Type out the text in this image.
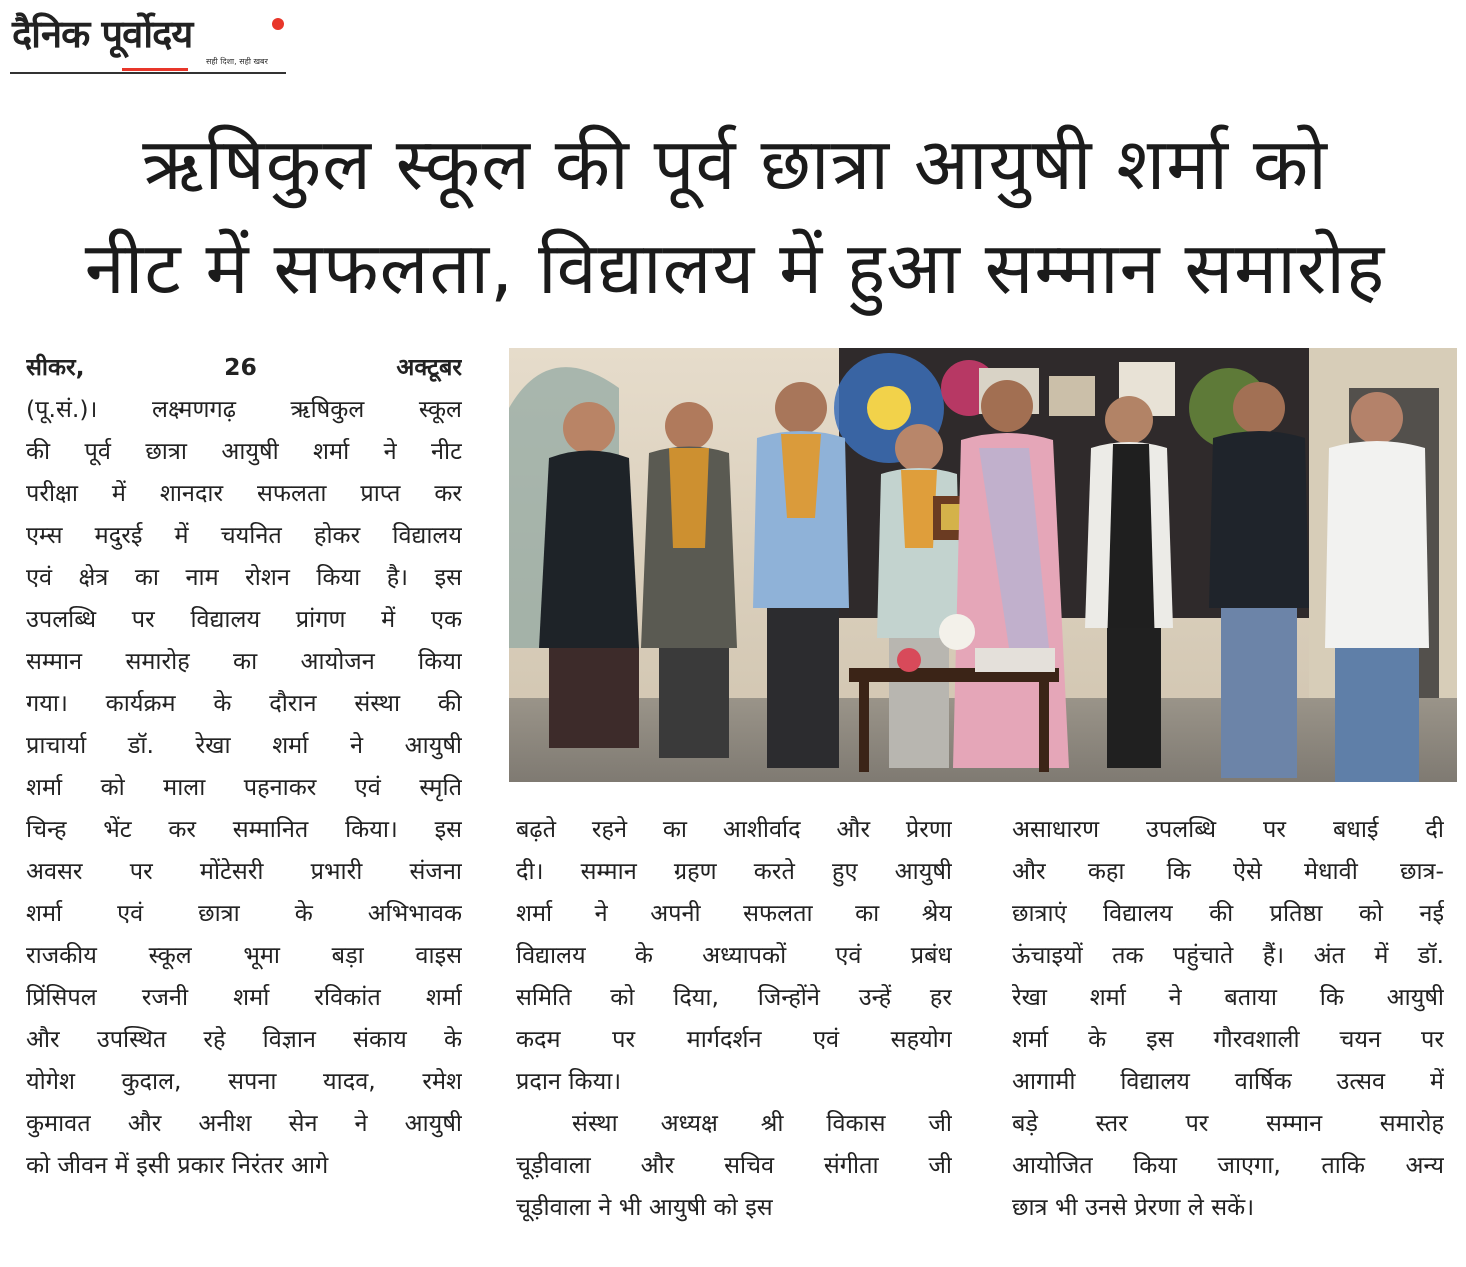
दैनिक पूर्वोदय
सही दिशा, सही खबर
ऋषिकुल स्कूल की पूर्व छात्रा आयुषी शर्मा को
नीट में सफलता, विद्यालय में हुआ सम्मान समारोह

सीकर, 26 अक्टूबर

(पू.सं.)। लक्ष्मणगढ़ ऋषिकुल स्कूल

की पूर्व छात्रा आयुषी शर्मा ने नीट

परीक्षा में शानदार सफलता प्राप्त कर

एम्स मदुरई में चयनित होकर विद्यालय

एवं क्षेत्र का नाम रोशन किया है। इस

उपलब्धि पर विद्यालय प्रांगण में एक

सम्मान समारोह का आयोजन किया

गया। कार्यक्रम के दौरान संस्था की

प्राचार्या डॉ. रेखा शर्मा ने आयुषी

शर्मा को माला पहनाकर एवं स्मृति

चिन्ह भेंट कर सम्मानित किया। इस

अवसर पर मोंटेसरी प्रभारी संजना

शर्मा एवं छात्रा के अभिभावक

राजकीय स्कूल भूमा बड़ा वाइस

प्रिंसिपल रजनी शर्मा रविकांत शर्मा

और उपस्थित रहे विज्ञान संकाय के

योगेश कुदाल, सपना यादव, रमेश

कुमावत और अनीश सेन ने आयुषी

को जीवन में इसी प्रकार निरंतर आगे

बढ़ते रहने का आशीर्वाद और प्रेरणा

दी। सम्मान ग्रहण करते हुए आयुषी

शर्मा ने अपनी सफलता का श्रेय

विद्यालय के अध्यापकों एवं प्रबंध

समिति को दिया, जिन्होंने उन्हें हर

कदम पर मार्गदर्शन एवं सहयोग

प्रदान किया।

संस्था अध्यक्ष श्री विकास जी

चूड़ीवाला और सचिव संगीता जी

चूड़ीवाला ने भी आयुषी को इस

असाधारण उपलब्धि पर बधाई दी

और कहा कि ऐसे मेधावी छात्र-

छात्राएं विद्यालय की प्रतिष्ठा को नई

ऊंचाइयों तक पहुंचाते हैं। अंत में डॉ.

रेखा शर्मा ने बताया कि आयुषी

शर्मा के इस गौरवशाली चयन पर

आगामी विद्यालय वार्षिक उत्सव में

बड़े स्तर पर सम्मान समारोह

आयोजित किया जाएगा, ताकि अन्य

छात्र भी उनसे प्रेरणा ले सकें।
